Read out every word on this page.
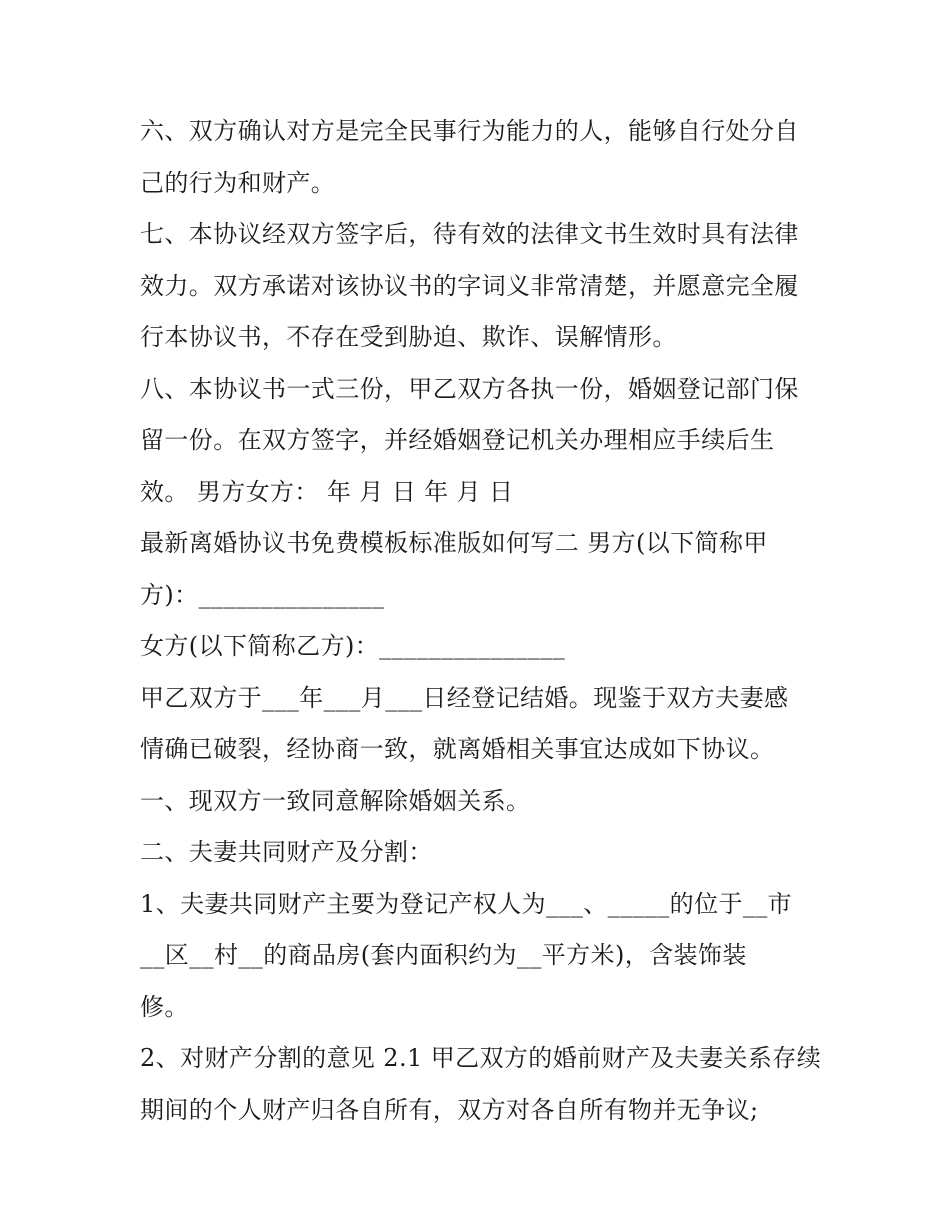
六、双方确认对方是完全民事行为能力的人，能够自行处分自
己的行为和财产。
七、本协议经双方签字后，待有效的法律文书生效时具有法律
效力。双方承诺对该协议书的字词义非常清楚，并愿意完全履
行本协议书，不存在受到胁迫、欺诈、误解情形。
八、本协议书一式三份，甲乙双方各执一份，婚姻登记部门保
留一份。在双方签字，并经婚姻登记机关办理相应手续后生
效。 男方女方： 年 月 日 年 月 日
最新离婚协议书免费模板标准版如何写二 男方(以下简称甲
方)：_______________
女方(以下简称乙方)：_______________
甲乙双方于___年___月___日经登记结婚。现鉴于双方夫妻感
情确已破裂，经协商一致，就离婚相关事宜达成如下协议。
一、现双方一致同意解除婚姻关系。
二、夫妻共同财产及分割：
1、夫妻共同财产主要为登记产权人为___、_____的位于__市
__区__村__的商品房(套内面积约为__平方米)，含装饰装
修。
2、对财产分割的意见 2.1 甲乙双方的婚前财产及夫妻关系存续
期间的个人财产归各自所有，双方对各自所有物并无争议;
